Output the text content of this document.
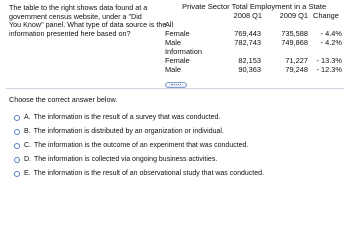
The table to the right shows data found at a
government census website, under a "Did
You Know" panel. What type of data source is the
information presented here based on?
Private Sector Total Employment in a State
2008 Q1	2009 Q1 Change
All
Female	769,443	735,588	- 4.4%
Male	782,743	749,868	- 4.2%
Information
Female	82,153	71,227	- 13.3%
Male	90,363	79,248	- 12.3%
Choose the correct answer below.
A. The information is the result of a survey that was conducted.
B. The information is distributed by an organization or individual.
C. The information is the outcome of an experiment that was conducted.
D. The information is collected via ongoing business activities.
E. The information is the result of an observational study that was conducted.
